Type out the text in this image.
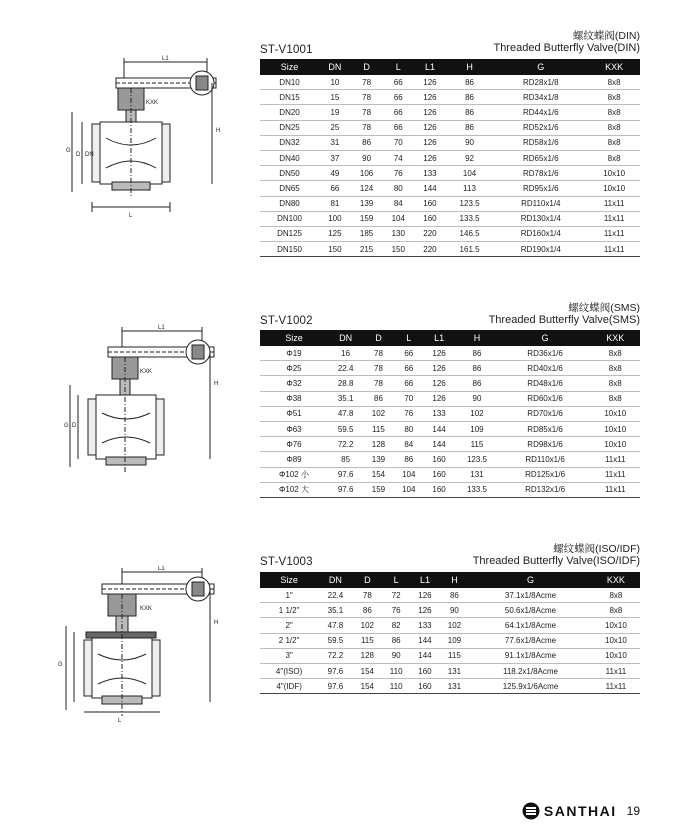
L1
H
KXK
G
D DN
L
螺纹蝶阀(DIN)
Threaded Butterfly Valve(DIN)
ST-V1001
Size	DN	D	L	L1	H	G	KXK
DN10	10	78	66	126	86	RD28x1/8	8x8
DN15	15	78	66	126	86	RD34x1/8	8x8
DN20	19	78	66	126	86	RD44x1/6	8x8
DN25	25	78	66	126	86	RD52x1/6	8x8
DN32	31	86	70	126	90	RD58x1/6	8x8
DN40	37	90	74	126	92	RD65x1/6	8x8
DN50	49	106	76	133	104	RD78x1/6	10x10
DN65	66	124	80	144	113	RD95x1/6	10x10
DN80	81	139	84	160	123.5	RD110x1/4	11x11
DN100	100	159	104	160	133.5	RD130x1/4	11x11
DN125	125	185	130	220	146.5	RD160x1/4	11x11
DN150	150	215	150	220	161.5	RD190x1/4	11x11
L1
H
KXK
G D
螺纹蝶阀(SMS)
Threaded Butterfly Valve(SMS)
ST-V1002
Size	DN	D	L	L1	H	G	KXK
Φ19	16	78	66	126	86	RD36x1/6	8x8
Φ25	22.4	78	66	126	86	RD40x1/6	8x8
Φ32	28.8	78	66	126	86	RD48x1/6	8x8
Φ38	35.1	86	70	126	90	RD60x1/6	8x8
Φ51	47.8	102	76	133	102	RD70x1/6	10x10
Φ63	59.5	115	80	144	109	RD85x1/6	10x10
Φ76	72.2	128	84	144	115	RD98x1/6	10x10
Φ89	85	139	86	160	123.5	RD110x1/6	11x11
Φ102 小	97.6	154	104	160	131	RD125x1/6	11x11
Φ102 大	97.6	159	104	160	133.5	RD132x1/6	11x11
L1
H
KXK
G
L
螺纹蝶阀(ISO/IDF)
Threaded Butterfly Valve(ISO/IDF)
ST-V1003
Size	DN	D	L	L1	H	G	KXK
1"	22.4	78	72	126	86	37.1x1/8Acme	8x8
1 1/2"	35.1	86	76	126	90	50.6x1/8Acme	8x8
2"	47.8	102	82	133	102	64.1x1/8Acme	10x10
2 1/2"	59.5	115	86	144	109	77.6x1/8Acme	10x10
3"	72.2	128	90	144	115	91.1x1/8Acme	10x10
4"(ISO)	97.6	154	110	160	131	118.2x1/8Acme	11x11
4"(IDF)	97.6	154	110	160	131	125.9x1/6Acme	11x11
SANTHAI 19
